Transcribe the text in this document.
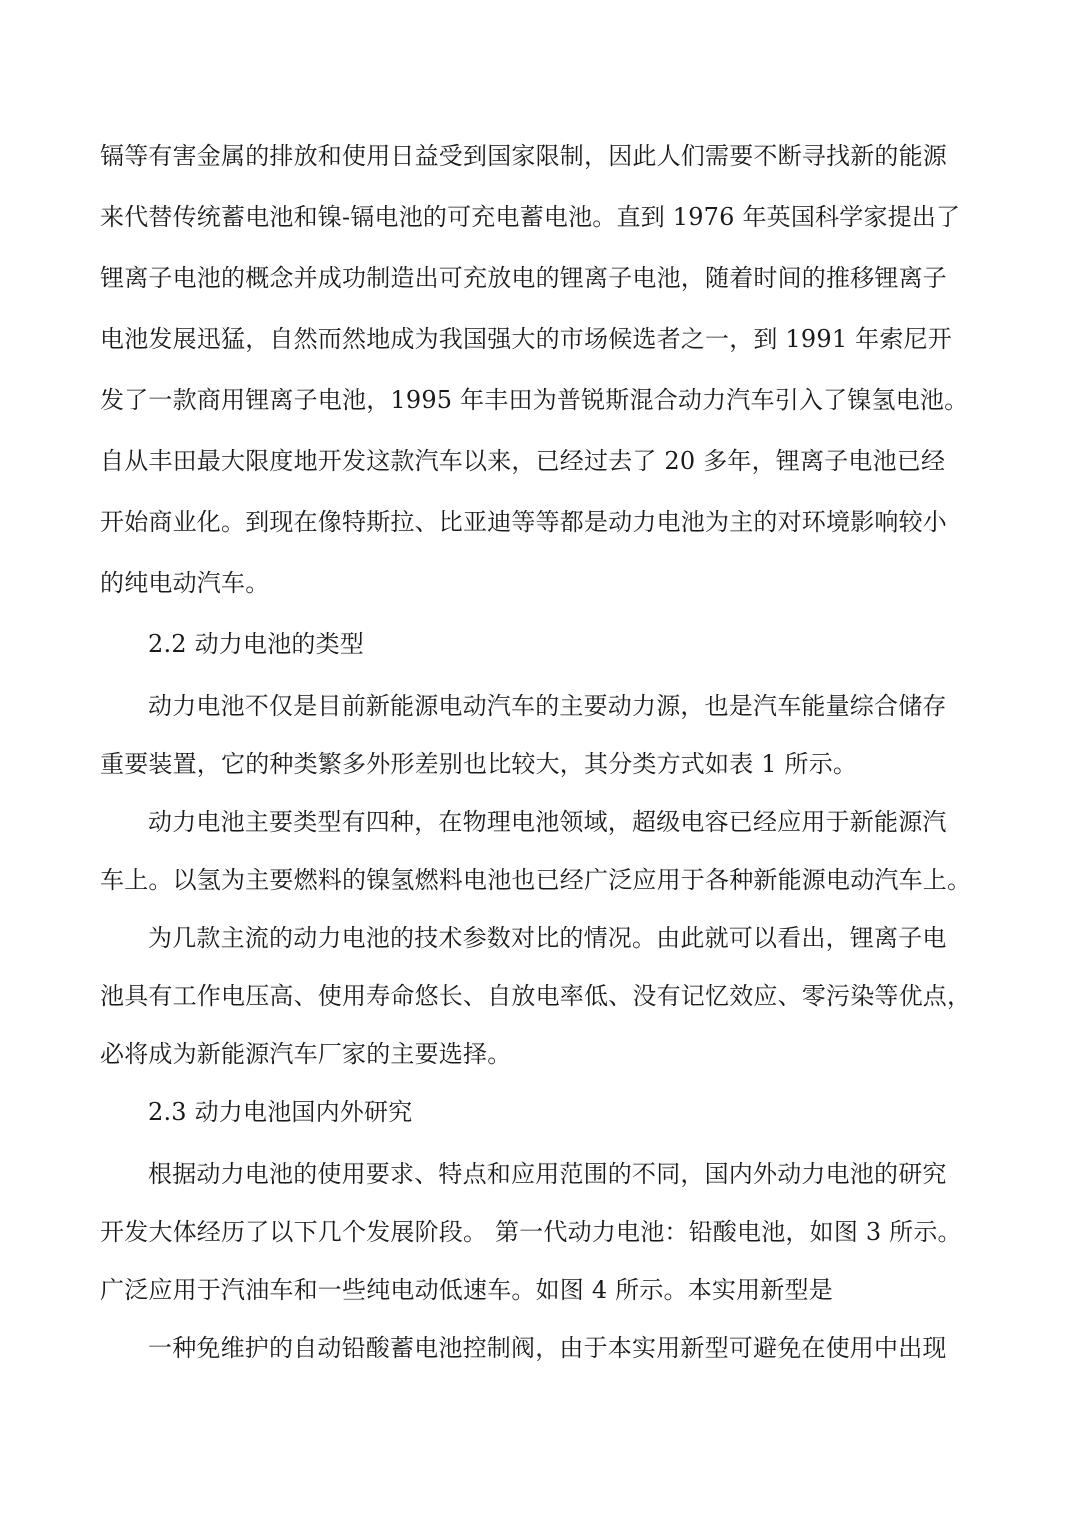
镉等有害金属的排放和使用日益受到国家限制，因此人们需要不断寻找新的能源
来代替传统蓄电池和镍-镉电池的可充电蓄电池。直到 1976 年英国科学家提出了
锂离子电池的概念并成功制造出可充放电的锂离子电池，随着时间的推移锂离子
电池发展迅猛，自然而然地成为我国强大的市场候选者之一，到 1991 年索尼开
发了一款商用锂离子电池，1995 年丰田为普锐斯混合动力汽车引入了镍氢电池。
自从丰田最大限度地开发这款汽车以来，已经过去了 20 多年，锂离子电池已经
开始商业化。到现在像特斯拉、比亚迪等等都是动力电池为主的对环境影响较小
的纯电动汽车。
2.2 动力电池的类型
动力电池不仅是目前新能源电动汽车的主要动力源，也是汽车能量综合储存
重要装置，它的种类繁多外形差别也比较大，其分类方式如表 1 所示。
动力电池主要类型有四种，在物理电池领域，超级电容已经应用于新能源汽
车上。以氢为主要燃料的镍氢燃料电池也已经广泛应用于各种新能源电动汽车上。
为几款主流的动力电池的技术参数对比的情况。由此就可以看出，锂离子电
池具有工作电压高、使用寿命悠长、自放电率低、没有记忆效应、零污染等优点，
必将成为新能源汽车厂家的主要选择。
2.3 动力电池国内外研究
根据动力电池的使用要求、特点和应用范围的不同，国内外动力电池的研究
开发大体经历了以下几个发展阶段。 第一代动力电池：铅酸电池，如图 3 所示。
广泛应用于汽油车和一些纯电动低速车。如图 4 所示。本实用新型是
一种免维护的自动铅酸蓄电池控制阀，由于本实用新型可避免在使用中出现
